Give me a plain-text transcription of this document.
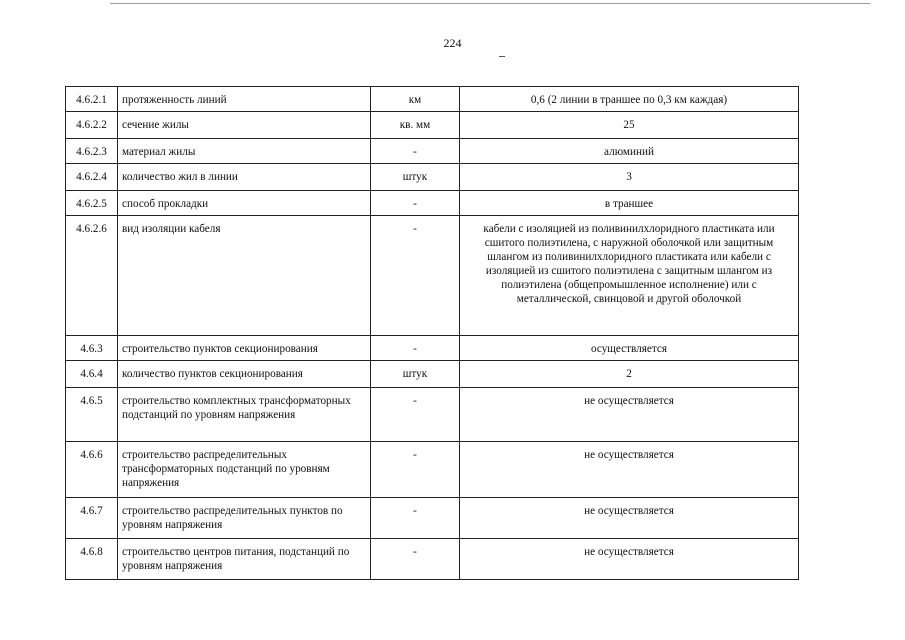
224
4.6.2.1	протяженность линий	км	0,6 (2 линии в траншее по 0,3 км каждая)
4.6.2.2	сечение жилы	кв. мм	25
4.6.2.3	материал жилы	-	алюминий
4.6.2.4	количество жил в линии	штук	3
4.6.2.5	способ прокладки	-	в траншее
4.6.2.6	вид изоляции кабеля	-	кабели с изоляцией из поливинилхлоридного пластиката или сшитого полиэтилена, с наружной оболочкой или защитным шлангом из поливинилхлоридного пластиката или кабели с изоляцией из сшитого полиэтилена с защитным шлангом из полиэтилена (общепромышленное исполнение) или с металлической, свинцовой и другой оболочкой
4.6.3	строительство пунктов секционирования	-	осуществляется
4.6.4	количество пунктов секционирования	штук	2
4.6.5	строительство комплектных трансформаторных подстанций по уровням напряжения	-	не осуществляется
4.6.6	строительство распределительных трансформаторных подстанций по уровням напряжения	-	не осуществляется
4.6.7	строительство распределительных пунктов по уровням напряжения	-	не осуществляется
4.6.8	строительство центров питания, подстанций по уровням напряжения	-	не осуществляется
